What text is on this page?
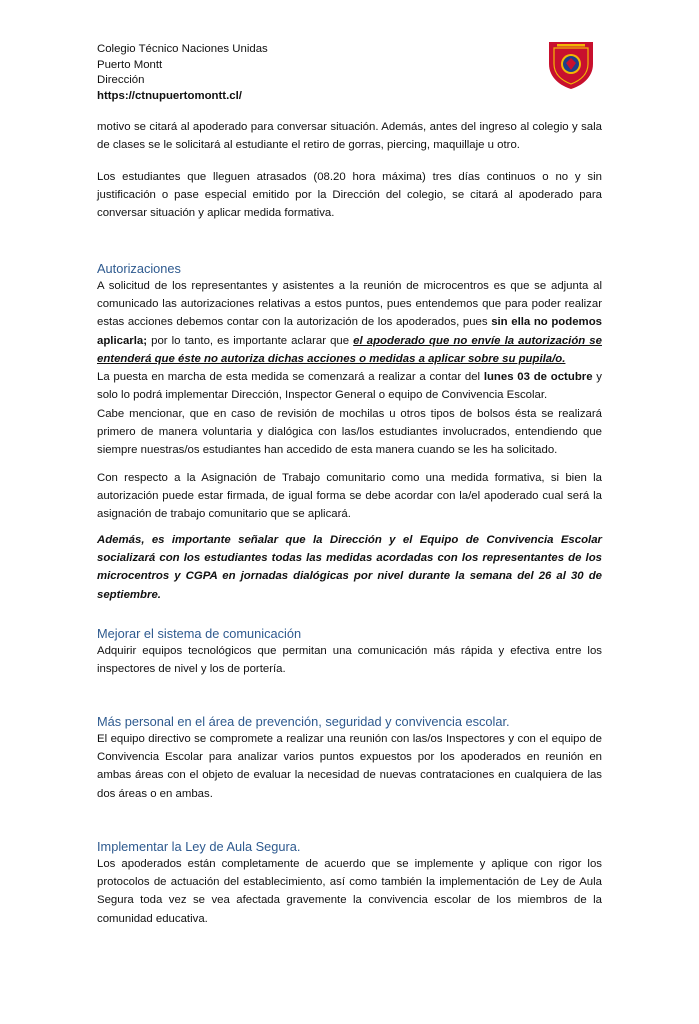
Colegio Técnico Naciones Unidas
Puerto Montt
Dirección
https://ctnupuertomontt.cl/

motivo se citará al apoderado para conversar situación. Además, antes del ingreso al colegio y sala de clases se le solicitará al estudiante el retiro de gorras, piercing, maquillaje u otro.

Los estudiantes que lleguen atrasados (08.20 hora máxima) tres días continuos o no y sin justificación o pase especial emitido por la Dirección del colegio, se citará al apoderado para conversar situación y aplicar medida formativa.

Autorizaciones

A solicitud de los representantes y asistentes a la reunión de microcentros es que se adjunta al comunicado las autorizaciones relativas a estos puntos, pues entendemos que para poder realizar estas acciones debemos contar con la autorización de los apoderados, pues sin ella no podemos aplicarla; por lo tanto, es importante aclarar que el apoderado que no envíe la autorización se entenderá que éste no autoriza dichas acciones o medidas a aplicar sobre su pupila/o.

La puesta en marcha de esta medida se comenzará a realizar a contar del lunes 03 de octubre y solo lo podrá implementar Dirección, Inspector General o equipo de Convivencia Escolar.

Cabe mencionar, que en caso de revisión de mochilas u otros tipos de bolsos ésta se realizará primero de manera voluntaria y dialógica con las/los estudiantes involucrados, entendiendo que siempre nuestras/os estudiantes han accedido de esta manera cuando se les ha solicitado.

Con respecto a la Asignación de Trabajo comunitario como una medida formativa, si bien la autorización puede estar firmada, de igual forma se debe acordar con la/el apoderado cual será la asignación de trabajo comunitario que se aplicará.

Además, es importante señalar que la Dirección y el Equipo de Convivencia Escolar socializará con los estudiantes todas las medidas acordadas con los representantes de los microcentros y CGPA en jornadas dialógicas por nivel durante la semana del 26 al 30 de septiembre.

Mejorar el sistema de comunicación

Adquirir equipos tecnológicos que permitan una comunicación más rápida y efectiva entre los inspectores de nivel y los de portería.

Más personal en el área de prevención, seguridad y convivencia escolar.

El equipo directivo se compromete a realizar una reunión con las/os Inspectores y con el equipo de Convivencia Escolar para analizar varios puntos expuestos por los apoderados en reunión en ambas áreas con el objeto de evaluar la necesidad de nuevas contrataciones en cualquiera de las dos áreas o en ambas.

Implementar la Ley de Aula Segura.

Los apoderados están completamente de acuerdo que se implemente y aplique con rigor los protocolos de actuación del establecimiento, así como también la implementación de Ley de Aula Segura toda vez se vea afectada gravemente la convivencia escolar de los miembros de la comunidad educativa.
